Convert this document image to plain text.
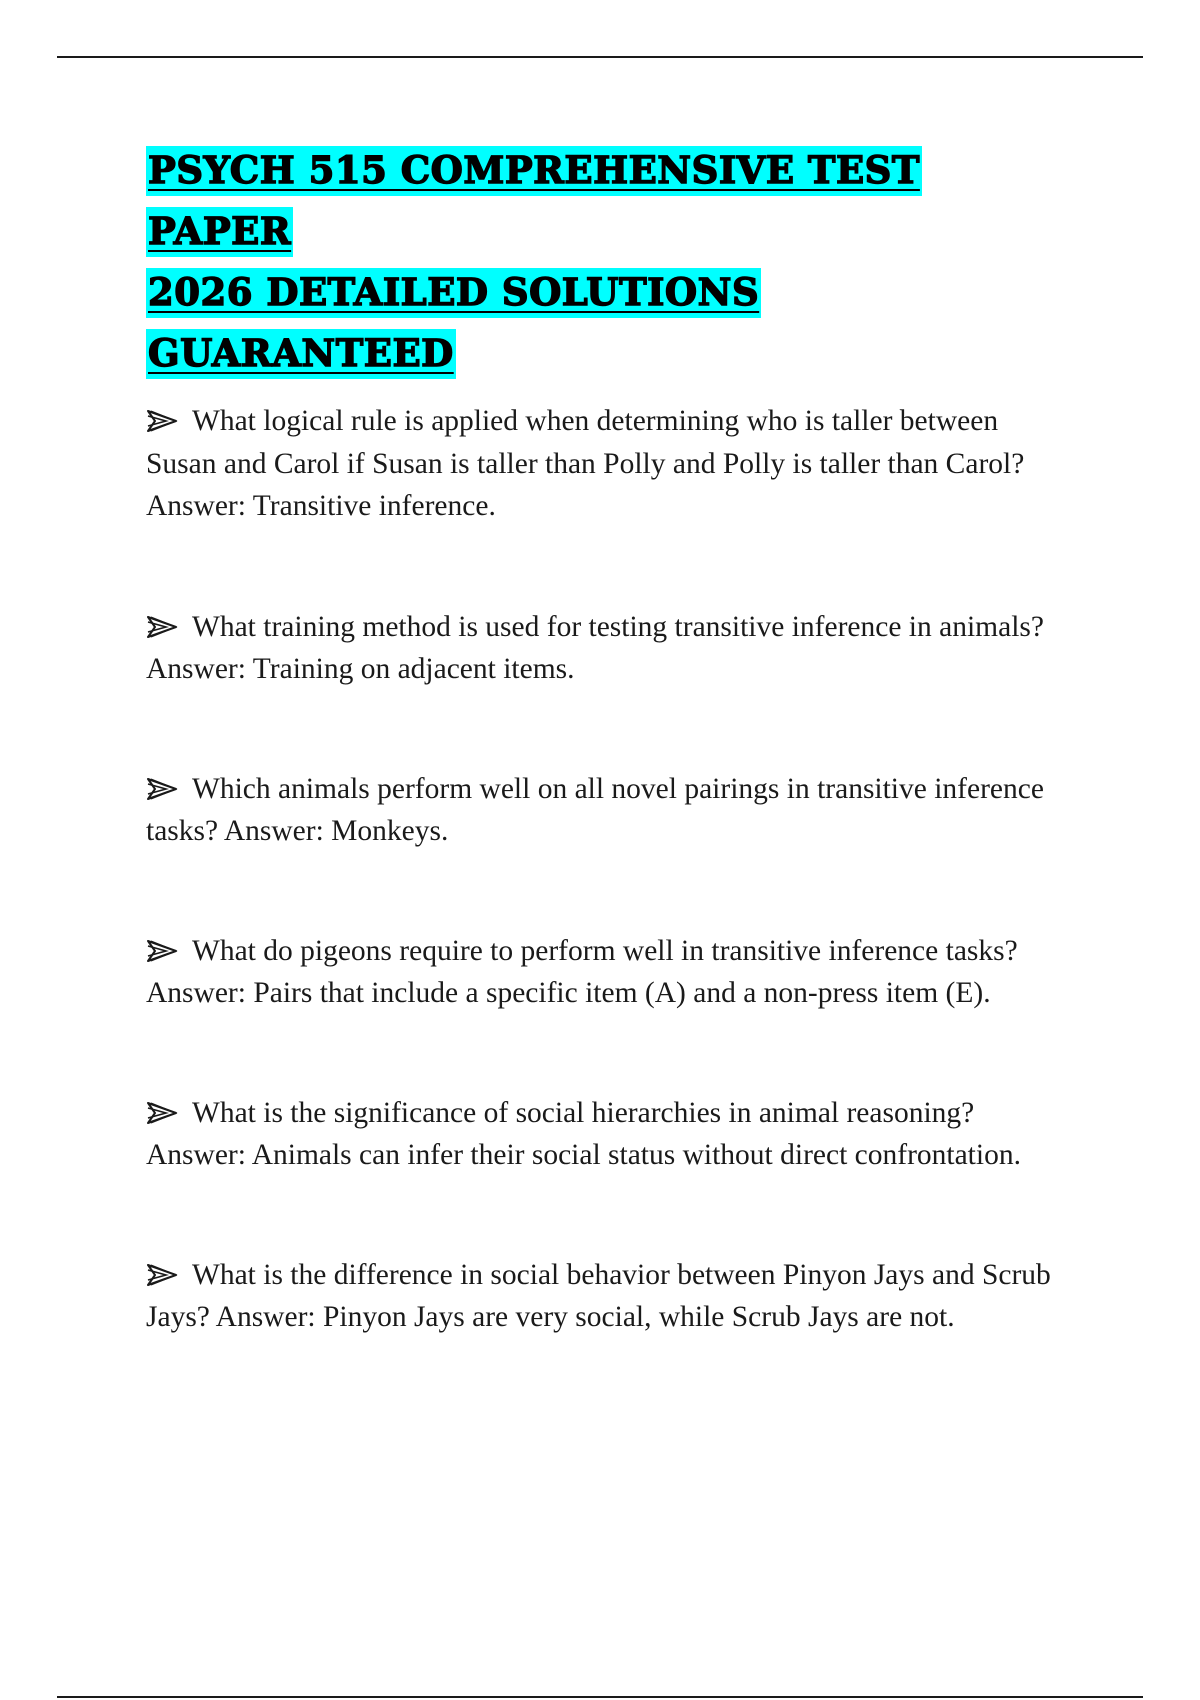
PSYCH 515 COMPREHENSIVE TEST PAPER
2026 DETAILED SOLUTIONS GUARANTEED
What logical rule is applied when determining who is taller between Susan and Carol if Susan is taller than Polly and Polly is taller than Carol? Answer: Transitive inference.
What training method is used for testing transitive inference in animals? Answer: Training on adjacent items.
Which animals perform well on all novel pairings in transitive inference tasks? Answer: Monkeys.
What do pigeons require to perform well in transitive inference tasks? Answer: Pairs that include a specific item (A) and a non-press item (E).
What is the significance of social hierarchies in animal reasoning? Answer: Animals can infer their social status without direct confrontation.
What is the difference in social behavior between Pinyon Jays and Scrub Jays? Answer: Pinyon Jays are very social, while Scrub Jays are not.
